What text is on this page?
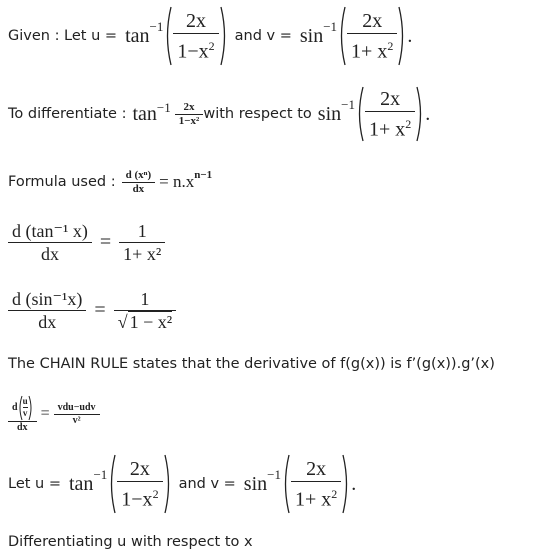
Given : Let $u = \tan -1 \frac{2x}{1-x^2}$ and $v = \sin -1 \frac{2x}{1+ x^2}$ .
To differentiate : $\tan -1 \frac{2x}{\text{1−x²}}$ with respect to $\sin -1 \frac{2x}{1+ x^2}$ .
Formula used : $\frac{\text{d (xⁿ)}}{dx} = n.x$ n−1
$\frac{\text{d (tan⁻¹ x)}}{dx} = \frac{1}{\text{1+ x²}}$
$\frac{\text{d (sin⁻¹x)}}{dx} = \frac{1}{\text{√ 1 − x²}}$
The CHAIN RULE states that the derivative of f(g(x)) is f’(g(x)).g’(x)
$\frac{d \frac{u}{v}}{dx} = \frac{\text{vdu−udv}}{\text{v²}}$
Let $u = \tan -1 \frac{2x}{1-x^2}$ and $v = \sin -1 \frac{2x}{1+ x^2}$ .
Differentiating u with respect to x
